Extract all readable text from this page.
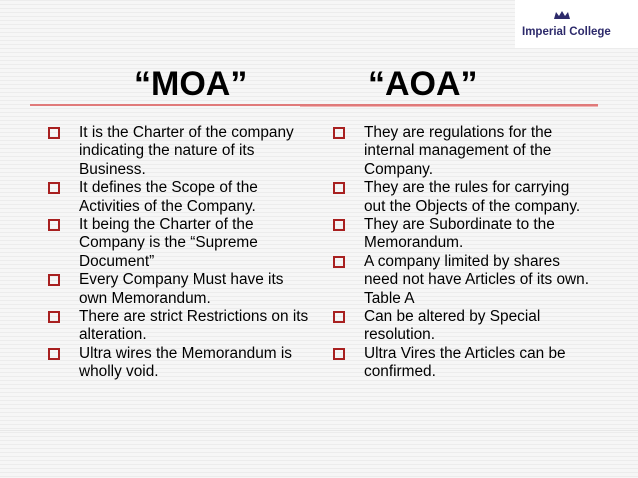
Imperial College
“MOA”	“AOA”
It is the Charter of the company indicating the nature of its Business.
It defines the Scope of the Activities of the Company.
It being the Charter of the Company is the “Supreme Document”
Every Company Must have its own Memorandum.
There are strict Restrictions on its alteration.
Ultra wires the Memorandum is wholly void.
They are regulations for the internal management of the Company.
They are the rules for carrying out the Objects of the company.
They are Subordinate to the Memorandum.
A company limited by shares need not have Articles of its own. Table A
Can be altered by Special resolution.
Ultra Vires the Articles can be confirmed.
